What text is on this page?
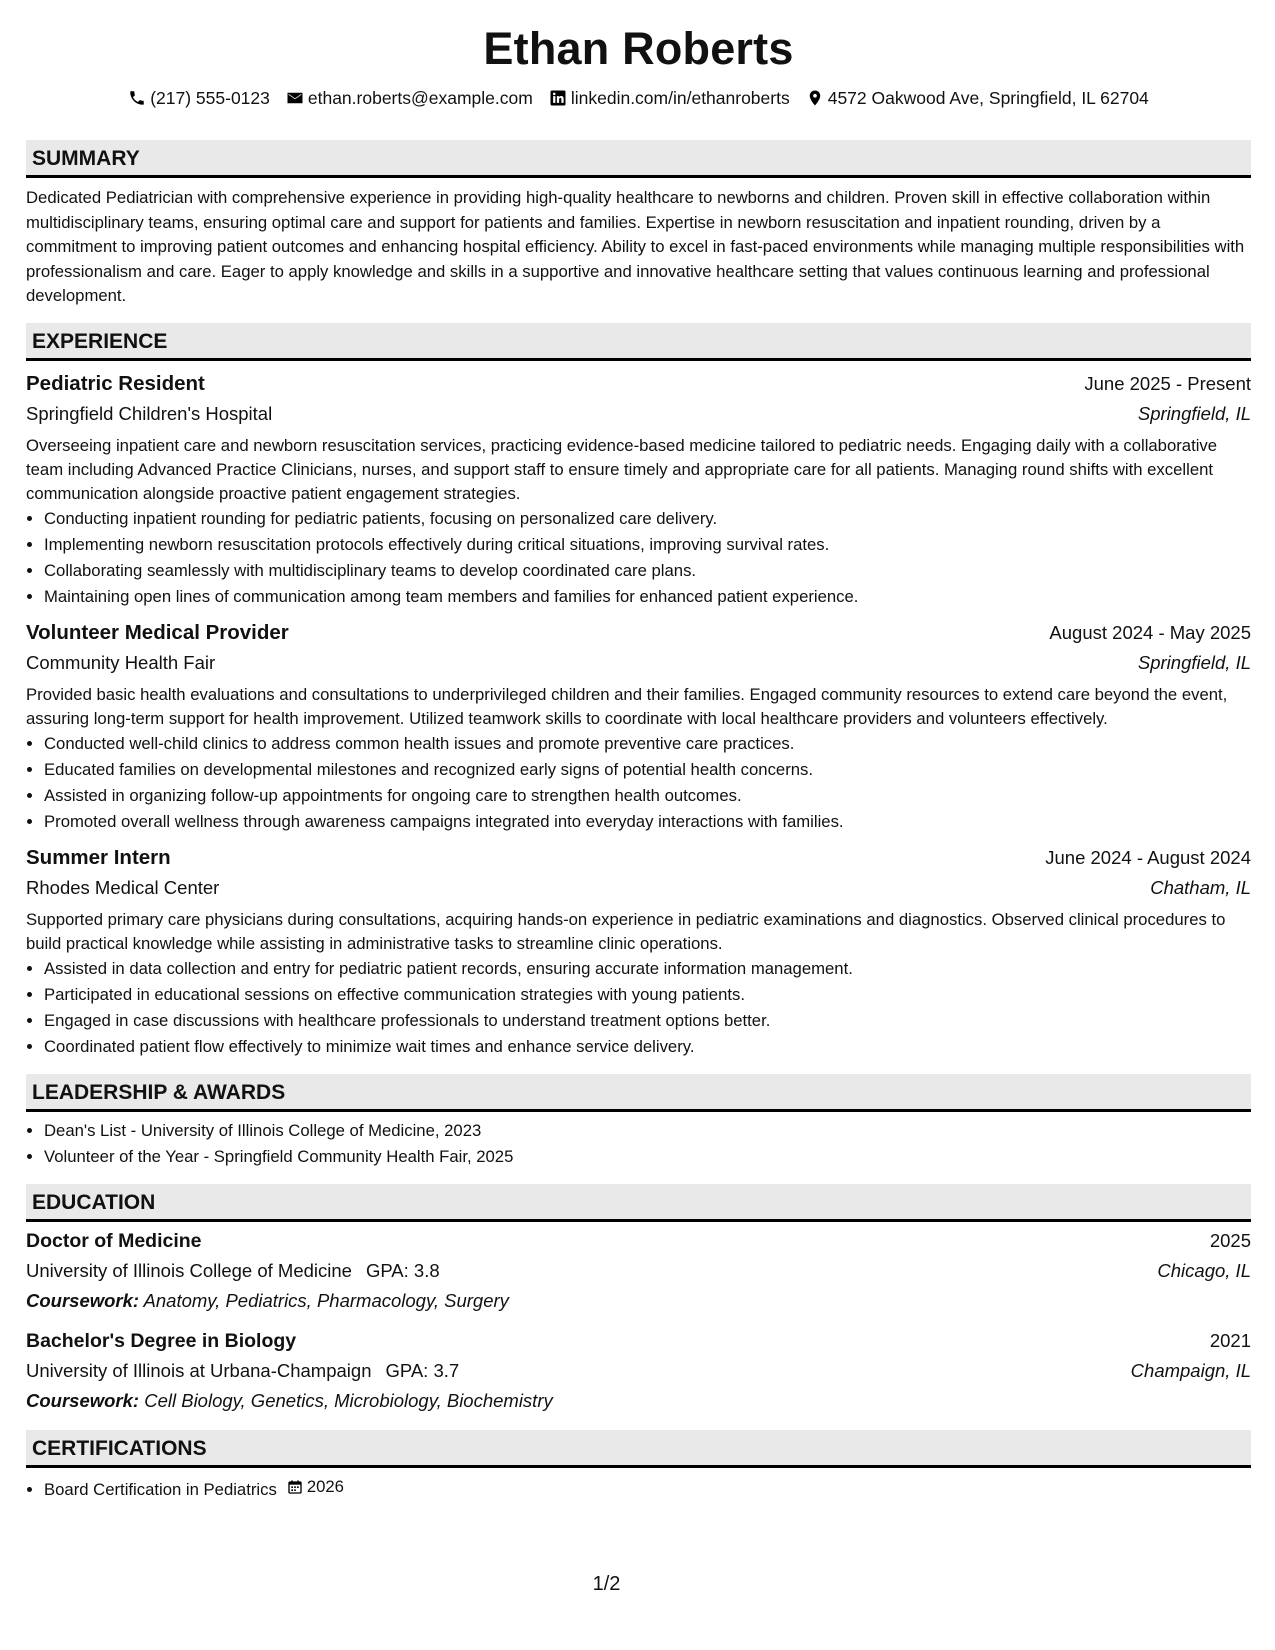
Ethan Roberts
(217) 555-0123 ethan.roberts@example.com linkedin.com/in/ethanroberts 4572 Oakwood Ave, Springfield, IL 62704
SUMMARY
Dedicated Pediatrician with comprehensive experience in providing high-quality healthcare to newborns and children. Proven skill in effective collaboration within multidisciplinary teams, ensuring optimal care and support for patients and families. Expertise in newborn resuscitation and inpatient rounding, driven by a commitment to improving patient outcomes and enhancing hospital efficiency. Ability to excel in fast-paced environments while managing multiple responsibilities with professionalism and care. Eager to apply knowledge and skills in a supportive and innovative healthcare setting that values continuous learning and professional development.
EXPERIENCE
Pediatric Resident	June 2025 - Present
Springfield Children's Hospital	Springfield, IL
Overseeing inpatient care and newborn resuscitation services, practicing evidence-based medicine tailored to pediatric needs. Engaging daily with a collaborative team including Advanced Practice Clinicians, nurses, and support staff to ensure timely and appropriate care for all patients. Managing round shifts with excellent communication alongside proactive patient engagement strategies.
• Conducting inpatient rounding for pediatric patients, focusing on personalized care delivery.
• Implementing newborn resuscitation protocols effectively during critical situations, improving survival rates.
• Collaborating seamlessly with multidisciplinary teams to develop coordinated care plans.
• Maintaining open lines of communication among team members and families for enhanced patient experience.
Volunteer Medical Provider	August 2024 - May 2025
Community Health Fair	Springfield, IL
Provided basic health evaluations and consultations to underprivileged children and their families. Engaged community resources to extend care beyond the event, assuring long-term support for health improvement. Utilized teamwork skills to coordinate with local healthcare providers and volunteers effectively.
• Conducted well-child clinics to address common health issues and promote preventive care practices.
• Educated families on developmental milestones and recognized early signs of potential health concerns.
• Assisted in organizing follow-up appointments for ongoing care to strengthen health outcomes.
• Promoted overall wellness through awareness campaigns integrated into everyday interactions with families.
Summer Intern	June 2024 - August 2024
Rhodes Medical Center	Chatham, IL
Supported primary care physicians during consultations, acquiring hands-on experience in pediatric examinations and diagnostics. Observed clinical procedures to build practical knowledge while assisting in administrative tasks to streamline clinic operations.
• Assisted in data collection and entry for pediatric patient records, ensuring accurate information management.
• Participated in educational sessions on effective communication strategies with young patients.
• Engaged in case discussions with healthcare professionals to understand treatment options better.
• Coordinated patient flow effectively to minimize wait times and enhance service delivery.
LEADERSHIP & AWARDS
• Dean's List - University of Illinois College of Medicine, 2023
• Volunteer of the Year - Springfield Community Health Fair, 2025
EDUCATION
Doctor of Medicine	2025
University of Illinois College of Medicine GPA: 3.8	Chicago, IL
Coursework: Anatomy, Pediatrics, Pharmacology, Surgery
Bachelor's Degree in Biology	2021
University of Illinois at Urbana-Champaign GPA: 3.7	Champaign, IL
Coursework: Cell Biology, Genetics, Microbiology, Biochemistry
CERTIFICATIONS
• Board Certification in Pediatrics 2026
1/2
